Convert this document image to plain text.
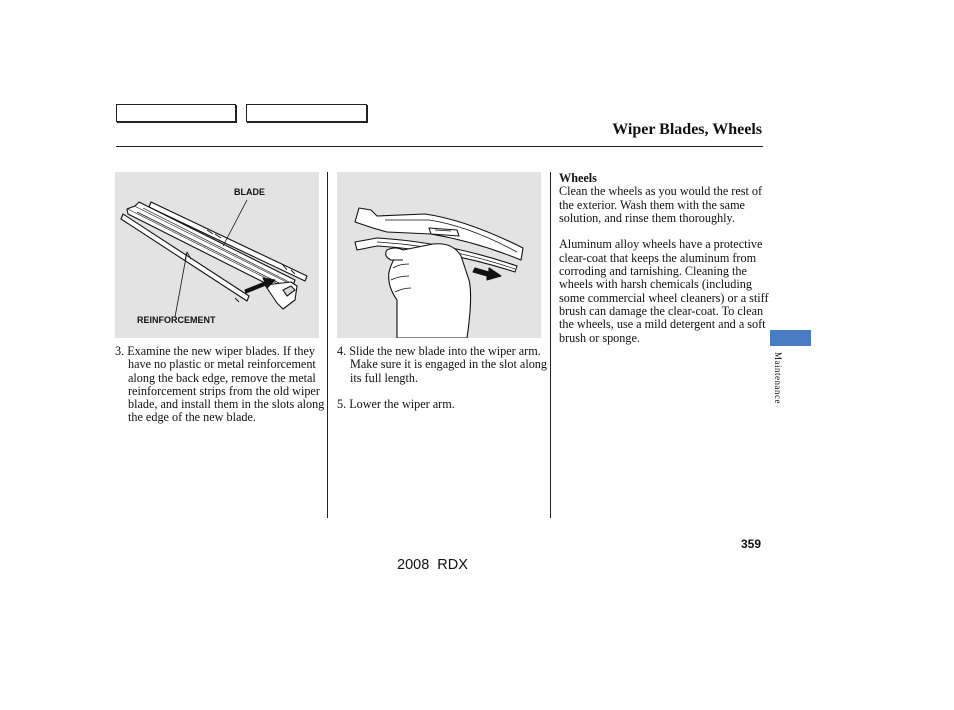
Wiper Blades, Wheels
BLADE
REINFORCEMENT
3. Examine the new wiper blades. If they have no plastic or metal reinforcement along the back edge, remove the metal reinforcement strips from the old wiper blade, and install them in the slots along the edge of the new blade.
4. Slide the new blade into the wiper arm. Make sure it is engaged in the slot along its full length.
5. Lower the wiper arm.

Wheels

Clean the wheels as you would the rest of the exterior. Wash them with the same solution, and rinse them thoroughly.

Aluminum alloy wheels have a protective clear-coat that keeps the aluminum from corroding and tarnishing. Cleaning the wheels with harsh chemicals (including some commercial wheel cleaners) or a stiff brush can damage the clear-coat. To clean the wheels, use a mild detergent and a soft brush or sponge.

Maintenance
359
2008 RDX
